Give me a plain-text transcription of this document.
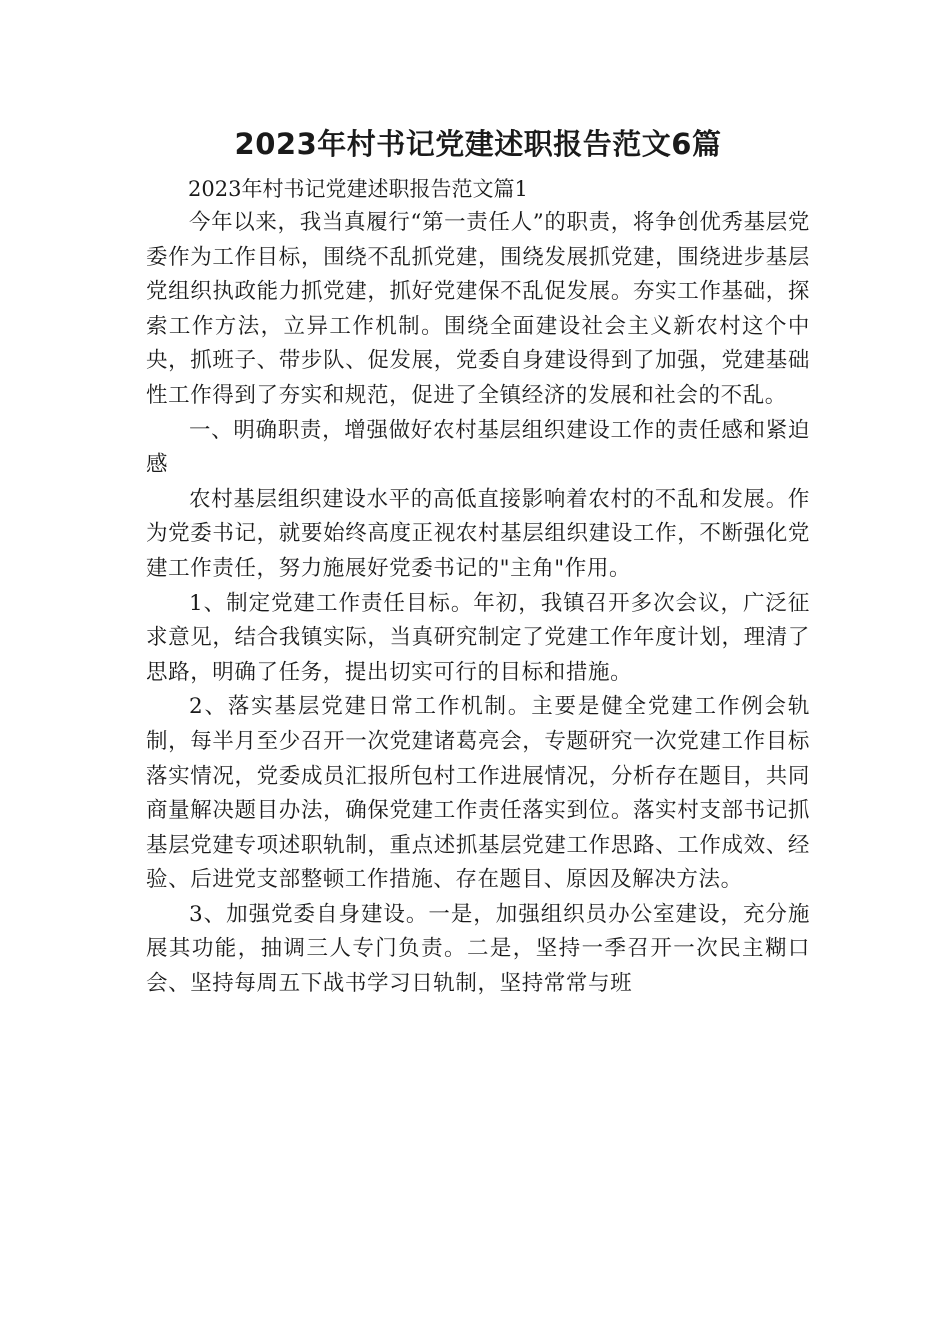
2023年村书记党建述职报告范文6篇

2023年村书记党建述职报告范文篇1

今年以来，我当真履行“第一责任人”的职责，将争创优秀基层党委作为工作目标，围绕不乱抓党建，围绕发展抓党建，围绕进步基层党组织执政能力抓党建，抓好党建保不乱促发展。夯实工作基础，探索工作方法，立异工作机制。围绕全面建设社会主义新农村这个中央，抓班子、带步队、促发展，党委自身建设得到了加强，党建基础性工作得到了夯实和规范，促进了全镇经济的发展和社会的不乱。

一、明确职责，增强做好农村基层组织建设工作的责任感和紧迫感

农村基层组织建设水平的高低直接影响着农村的不乱和发展。作为党委书记，就要始终高度正视农村基层组织建设工作，不断强化党建工作责任，努力施展好党委书记的"主角"作用。

1、制定党建工作责任目标。年初，我镇召开多次会议，广泛征求意见，结合我镇实际，当真研究制定了党建工作年度计划，理清了思路，明确了任务，提出切实可行的目标和措施。

2、落实基层党建日常工作机制。主要是健全党建工作例会轨制，每半月至少召开一次党建诸葛亮会，专题研究一次党建工作目标落实情况，党委成员汇报所包村工作进展情况，分析存在题目，共同商量解决题目办法，确保党建工作责任落实到位。落实村支部书记抓基层党建专项述职轨制，重点述抓基层党建工作思路、工作成效、经验、后进党支部整顿工作措施、存在题目、原因及解决方法。

3、加强党委自身建设。一是，加强组织员办公室建设，充分施展其功能，抽调三人专门负责。二是，坚持一季召开一次民主糊口会、坚持每周五下战书学习日轨制，坚持常常与班
